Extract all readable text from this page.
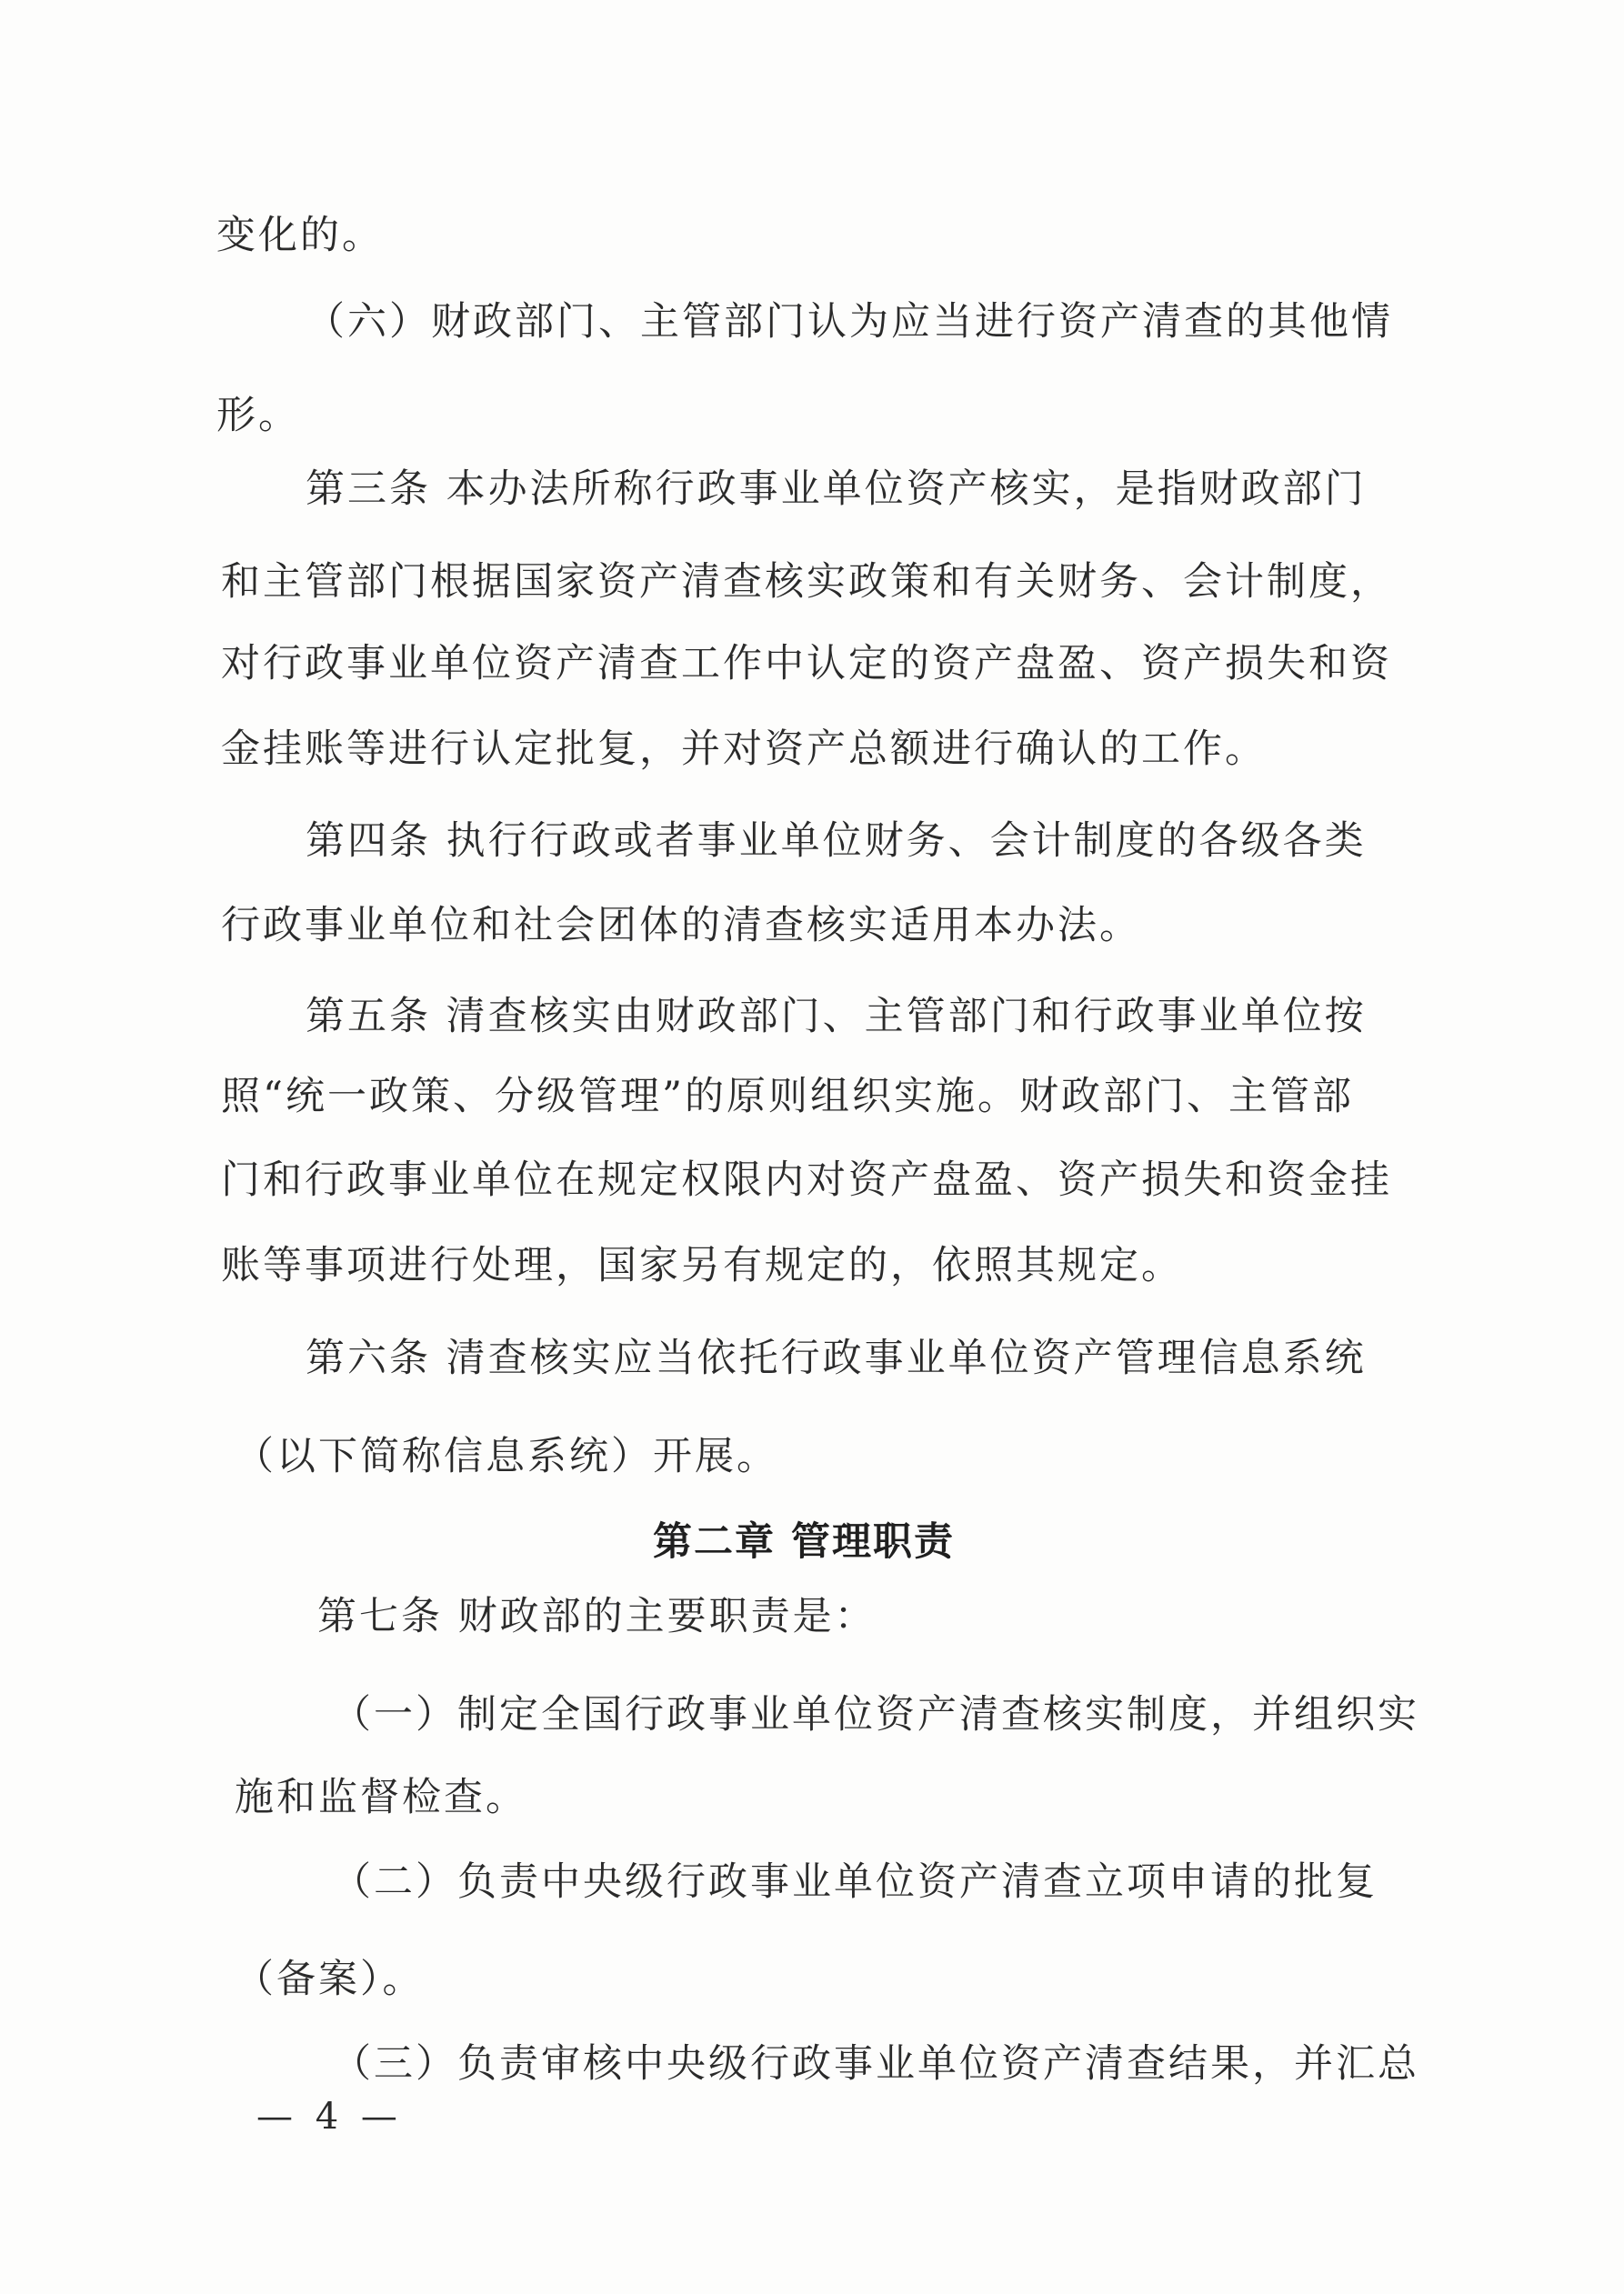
变化的。
（六）财政部门、主管部门认为应当进行资产清查的其他情
形。
第三条 本办法所称行政事业单位资产核实，是指财政部门
和主管部门根据国家资产清查核实政策和有关财务、会计制度，
对行政事业单位资产清查工作中认定的资产盘盈、资产损失和资
金挂账等进行认定批复，并对资产总额进行确认的工作。
第四条 执行行政或者事业单位财务、会计制度的各级各类
行政事业单位和社会团体的清查核实适用本办法。
第五条 清查核实由财政部门、主管部门和行政事业单位按
照“统一政策、分级管理”的原则组织实施。财政部门、主管部
门和行政事业单位在规定权限内对资产盘盈、资产损失和资金挂
账等事项进行处理，国家另有规定的，依照其规定。
第六条 清查核实应当依托行政事业单位资产管理信息系统
（以下简称信息系统）开展。
第二章 管理职责
第七条 财政部的主要职责是：
（一）制定全国行政事业单位资产清查核实制度，并组织实
施和监督检查。
（二）负责中央级行政事业单位资产清查立项申请的批复
（备案）。
（三）负责审核中央级行政事业单位资产清查结果，并汇总
— 4 —
